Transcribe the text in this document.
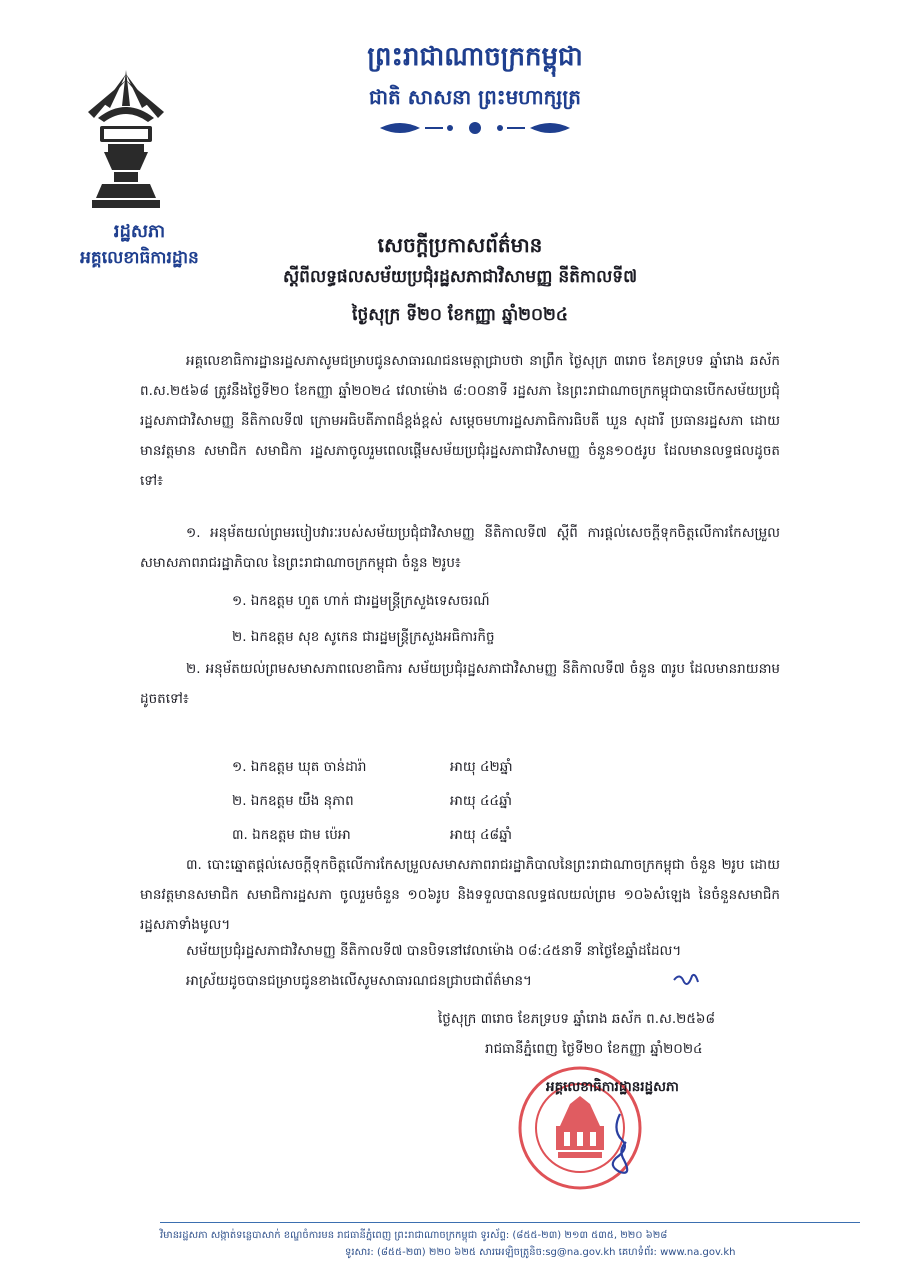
រដ្ឋសភា
អគ្គលេខាធិការដ្ឋាន
ព្រះរាជាណាចក្រកម្ពុជា
ជាតិ សាសនា ព្រះមហាក្សត្រ
សេចក្តីប្រកាសព័ត៌មាន
ស្តីពីលទ្ធផលសម័យប្រជុំរដ្ឋសភាជាវិសាមញ្ញ នីតិកាលទី៧
ថ្ងៃសុក្រ ទី២០ ខែកញ្ញា ឆ្នាំ២០២៤
អគ្គលេខាធិការដ្ឋានរដ្ឋសភាសូមជម្រាបជូនសាធារណជនមេត្តាជ្រាបថា នាព្រឹក ថ្ងៃសុក្រ ៣រោច ខែភទ្របទ ឆ្នាំរោង ឆស័ក ព.ស.២៥៦៨ ត្រូវនឹងថ្ងៃទី២០ ខែកញ្ញា ឆ្នាំ២០២៤ វេលាម៉ោង ៨:០០នាទី រដ្ឋសភា នៃព្រះរាជាណាចក្រកម្ពុជាបានបើកសម័យប្រជុំរដ្ឋសភាជាវិសាមញ្ញ នីតិកាលទី៧ ក្រោមអធិបតីភាពដ៏ខ្ពង់ខ្ពស់ សម្តេចមហារដ្ឋសភាធិការធិបតី ឃួន សុដារី ប្រធានរដ្ឋសភា ដោយមានវត្តមាន សមាជិក សមាជិកា រដ្ឋសភាចូលរួមពេលផ្តើមសម័យប្រជុំរដ្ឋសភាជាវិសាមញ្ញ ចំនួន១០៥រូប ដែលមានលទ្ធផលដូចតទៅ៖
១. អនុម័តយល់ព្រមរបៀបវារៈរបស់សម័យប្រជុំជាវិសាមញ្ញ នីតិកាលទី៧ ស្តីពី ការផ្តល់សេចក្តីទុកចិត្តលើការកែសម្រួលសមាសភាពរាជរដ្ឋាភិបាល នៃព្រះរាជាណាចក្រកម្ពុជា ចំនួន ២រូប៖
១. ឯកឧត្តម ហួត ហាក់ ជារដ្ឋមន្ត្រីក្រសួងទេសចរណ៍
២. ឯកឧត្តម សុខ សូកេន ជារដ្ឋមន្ត្រីក្រសួងអធិការកិច្ច
២. អនុម័តយល់ព្រមសមាសភាពលេខាធិការ សម័យប្រជុំរដ្ឋសភាជាវិសាមញ្ញ នីតិកាលទី៧ ចំនួន ៣រូប ដែលមានរាយនាមដូចតទៅ៖
១. ឯកឧត្តម ឃុត ចាន់ដារ៉ា	អាយុ ៤២ឆ្នាំ
២. ឯកឧត្តម យឹង នុភាព	អាយុ ៤៤ឆ្នាំ
៣. ឯកឧត្តម ជាម ប៉េអា	អាយុ ៤៨ឆ្នាំ
៣. បោះឆ្នោតផ្តល់សេចក្តីទុកចិត្តលើការកែសម្រួលសមាសភាពរាជរដ្ឋាភិបាលនៃព្រះរាជាណាចក្រកម្ពុជា ចំនួន ២រូប ដោយមានវត្តមានសមាជិក សមាជិការដ្ឋសភា ចូលរួមចំនួន ១០៦រូប និងទទួលបានលទ្ធផលយល់ព្រម ១០៦សំឡេង នៃចំនួនសមាជិករដ្ឋសភាទាំងមូល។
សម័យប្រជុំរដ្ឋសភាជាវិសាមញ្ញ នីតិកាលទី៧ បានបិទនៅវេលាម៉ោង ០៨:៤៥នាទី នាថ្ងៃខែឆ្នាំដដែល។
អាស្រ័យដូចបានជម្រាបជូនខាងលើសូមសាធារណជនជ្រាបជាព័ត៌មាន។
ថ្ងៃសុក្រ ៣រោច ខែភទ្របទ ឆ្នាំរោង ឆស័ក ព.ស.២៥៦៨
រាជធានីភ្នំពេញ ថ្ងៃទី២០ ខែកញ្ញា ឆ្នាំ២០២៤
អគ្គលេខាធិការដ្ឋានរដ្ឋសភា
វិមានរដ្ឋសភា សង្កាត់ទន្លេបាសាក់ ខណ្ឌចំការមន រាជធានីភ្នំពេញ ព្រះរាជាណាចក្រកម្ពុជា ទូរស័ព្ទ: (៨៥៥-២៣) ២១៣ ៥៣៥, ២២០ ៦២៨
ទូរសារ: (៨៥៥-២៣) ២២០ ៦២៥ សារអេឡិចត្រូនិច:sg@na.gov.kh គេហទំព័រ: www.na.gov.kh
